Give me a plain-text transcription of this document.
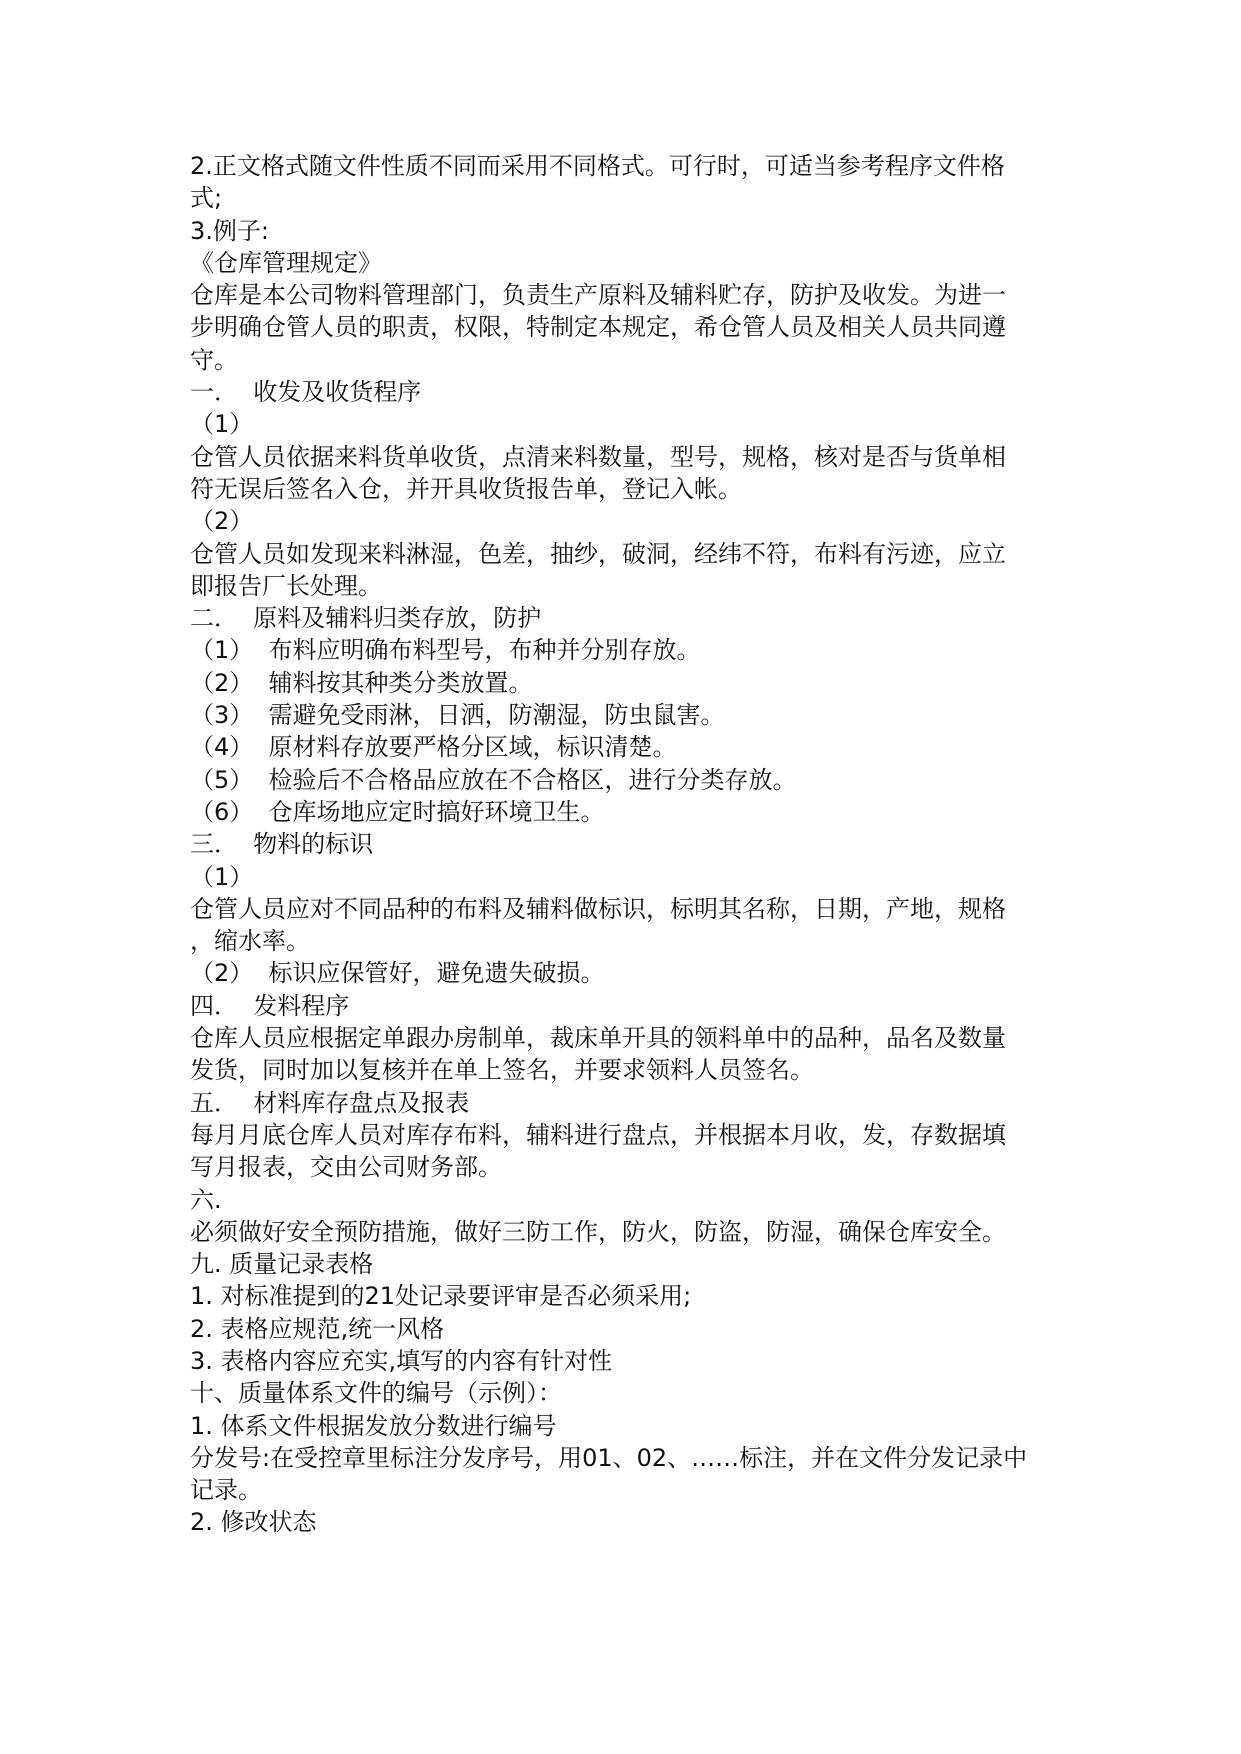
2.正文格式随文件性质不同而采用不同格式。可行时，可适当参考程序文件格
式;
3.例子:
《仓库管理规定》
仓库是本公司物料管理部门，负责生产原料及辅料贮存，防护及收发。为进一
步明确仓管人员的职责，权限，特制定本规定，希仓管人员及相关人员共同遵
守。
一．  收发及收货程序
（1）
仓管人员依据来料货单收货，点清来料数量，型号，规格，核对是否与货单相
符无误后签名入仓，并开具收货报告单，登记入帐。
（2）
仓管人员如发现来料淋湿，色差，抽纱，破洞，经纬不符，布料有污迹，应立
即报告厂长处理。
二．  原料及辅料归类存放，防护
（1）  布料应明确布料型号，布种并分别存放。
（2）  辅料按其种类分类放置。
（3）  需避免受雨淋，日洒，防潮湿，防虫鼠害。
（4）  原材料存放要严格分区域，标识清楚。
（5）  检验后不合格品应放在不合格区，进行分类存放。
（6）  仓库场地应定时搞好环境卫生。
三．  物料的标识
（1）
仓管人员应对不同品种的布料及辅料做标识，标明其名称，日期，产地，规格
，缩水率。
（2）  标识应保管好，避免遗失破损。
四．  发料程序
仓库人员应根据定单跟办房制单，裁床单开具的领料单中的品种，品名及数量
发货，同时加以复核并在单上签名，并要求领料人员签名。
五．  材料库存盘点及报表
每月月底仓库人员对库存布料，辅料进行盘点，并根据本月收，发，存数据填
写月报表，交由公司财务部。
六.
必须做好安全预防措施，做好三防工作，防火，防盗，防湿，确保仓库安全。
九. 质量记录表格
1. 对标准提到的21处记录要评审是否必须采用;
2. 表格应规范,统一风格
3. 表格内容应充实,填写的内容有针对性
十、质量体系文件的编号（示例）：
1. 体系文件根据发放分数进行编号
分发号:在受控章里标注分发序号，用01、02、……标注，并在文件分发记录中
记录。
2. 修改状态
